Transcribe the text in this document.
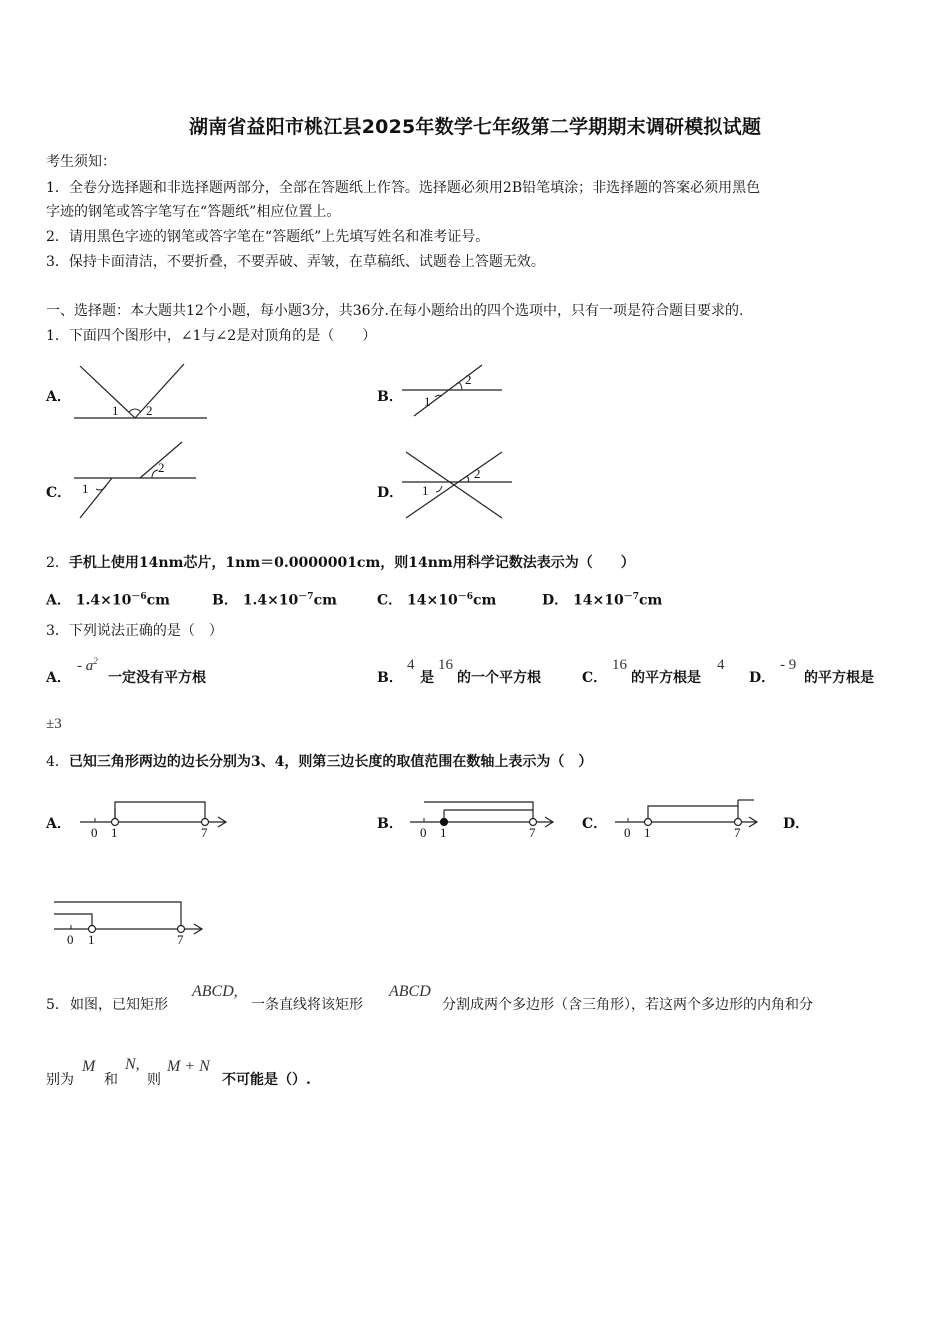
湖南省益阳市桃江县2025年数学七年级第二学期期末调研模拟试题
考生须知：
1．全卷分选择题和非选择题两部分，全部在答题纸上作答。选择题必须用2B铅笔填涂；非选择题的答案必须用黑色
字迹的钢笔或答字笔写在“答题纸”相应位置上。
2．请用黑色字迹的钢笔或答字笔在“答题纸”上先填写姓名和准考证号。
3．保持卡面清洁，不要折叠，不要弄破、弄皱，在草稿纸、试题卷上答题无效。
一、选择题：本大题共12个小题，每小题3分，共36分.在每小题给出的四个选项中，只有一项是符合题目要求的.
1．下面四个图形中，∠1与∠2是对顶角的是（　　）
A．
1 2
B．
2
1
C． 1
2
D． 1
2
2．手机上使用14nm芯片，1nm＝0.0000001cm，则14nm用科学记数法表示为（　　）
A． $1.4\times 10^{-6}cm$	B． $1.4\times 10^{-7}cm$	C． $14\times 10^{-6}cm$	D． $14\times 10^{-7}cm$
3．下列说法正确的是（　）
A．
- $a^2$
一定没有平方根	B．
4
是
16
的一个平方根	C．
16
的平方根是
4
D．
- 9
的平方根是
±3
4．已知三角形两边的边长分别为3、4，则第三边长度的取值范围在数轴上表示为（　）
A．
0 1	7
B．
0 1	7
C．
0 1	7
D．
0 1	7
5． 如图，已知矩形
ABCD,
一条直线将该矩形
ABCD
分割成两个多边形（含三角形），若这两个多边形的内角和分
别为
M
和
N,
则
M + N
不可能是（）.
